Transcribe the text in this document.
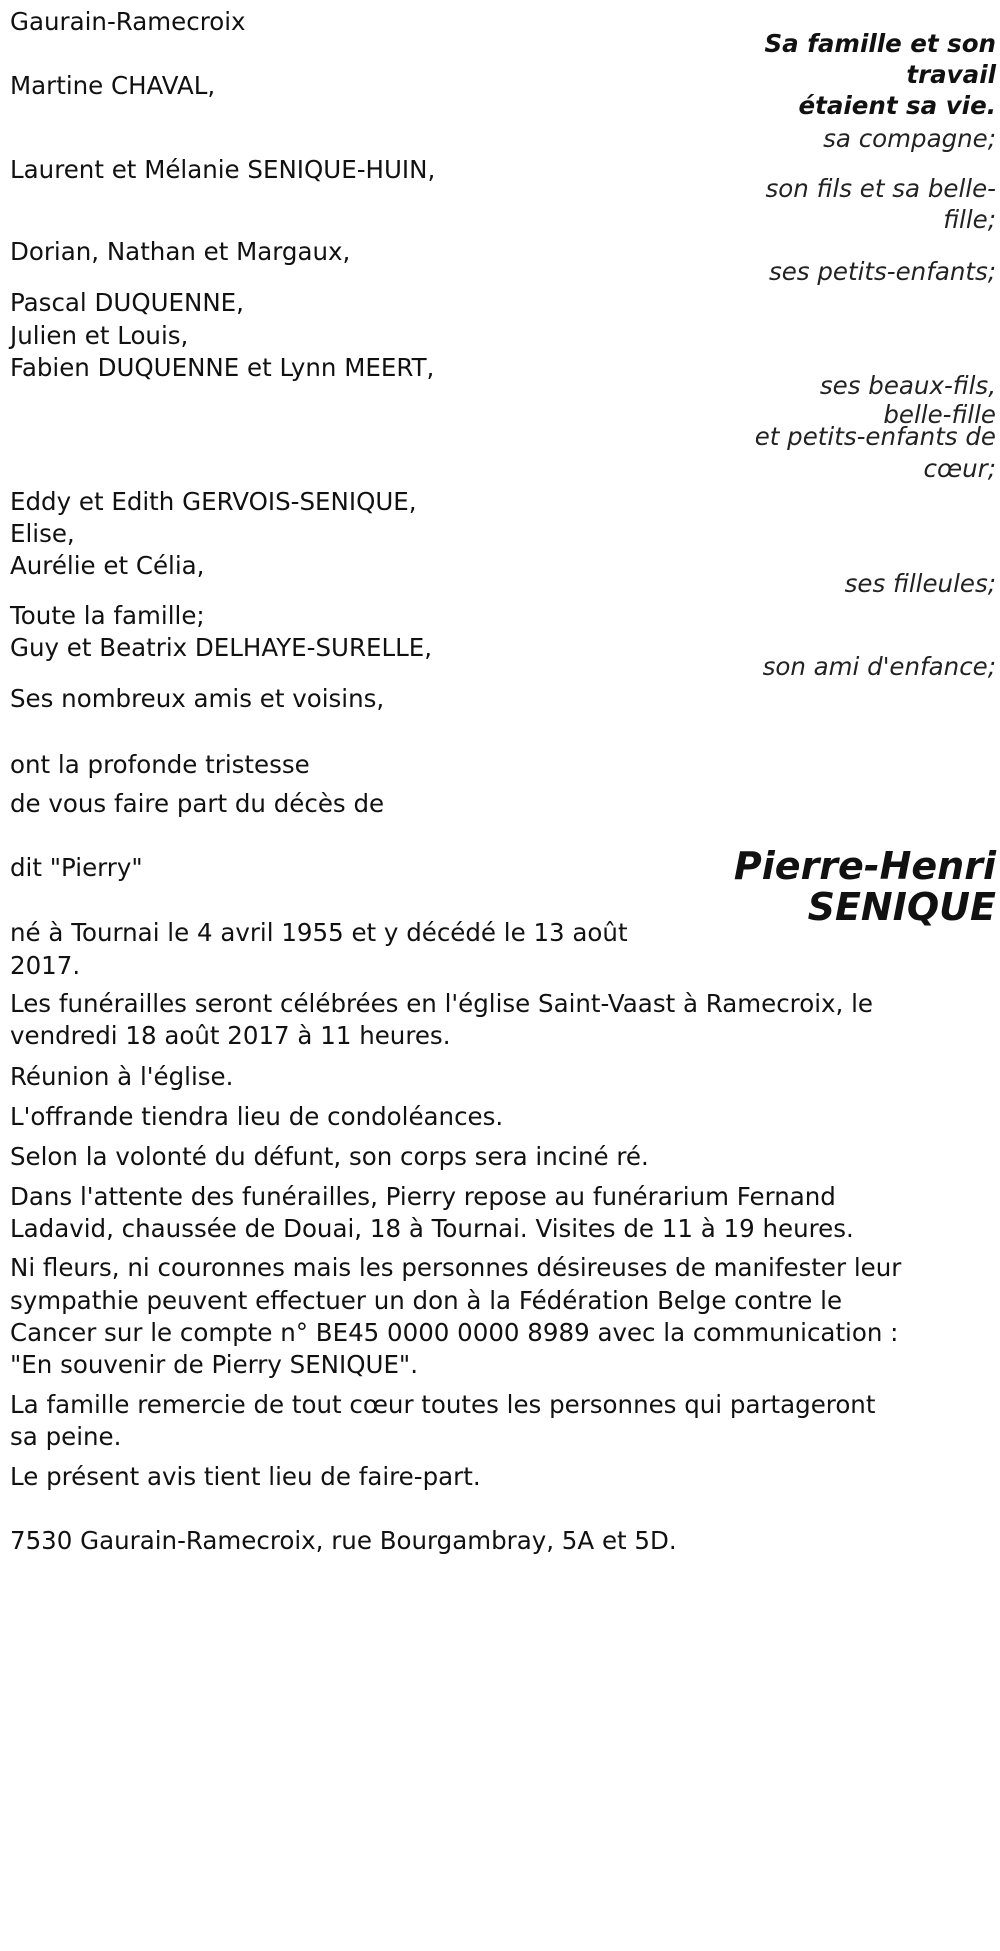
Gaurain-Ramecroix
Sa famille et son
travail
étaient sa vie.
Martine CHAVAL,
sa compagne;
Laurent et Mélanie SENIQUE-HUIN,
son fils et sa belle-
fille;
Dorian, Nathan et Margaux,
ses petits-enfants;
Pascal DUQUENNE,
Julien et Louis,
Fabien DUQUENNE et Lynn MEERT,
ses beaux-fils,
belle-fille
et petits-enfants de
cœur;
Eddy et Edith GERVOIS-SENIQUE,
Elise,
Aurélie et Célia,
ses filleules;
Toute la famille;
Guy et Beatrix DELHAYE-SURELLE,
son ami d'enfance;
Ses nombreux amis et voisins,
ont la profonde tristesse
de vous faire part du décès de
dit "Pierry"	Pierre-Henri
SENIQUE
né à Tournai le 4 avril 1955 et y décédé le 13 août
2017.
Les funérailles seront célébrées en l'église Saint-Vaast à Ramecroix, le
vendredi 18 août 2017 à 11 heures.
Réunion à l'église.
L'offrande tiendra lieu de condoléances.
Selon la volonté du défunt, son corps sera inciné ré.
Dans l'attente des funérailles, Pierry repose au funérarium Fernand
Ladavid, chaussée de Douai, 18 à Tournai. Visites de 11 à 19 heures.
Ni fleurs, ni couronnes mais les personnes désireuses de manifester leur
sympathie peuvent effectuer un don à la Fédération Belge contre le
Cancer sur le compte n° BE45 0000 0000 8989 avec la communication :
"En souvenir de Pierry SENIQUE".
La famille remercie de tout cœur toutes les personnes qui partageront
sa peine.
Le présent avis tient lieu de faire-part.
7530 Gaurain-Ramecroix, rue Bourgambray, 5A et 5D.
